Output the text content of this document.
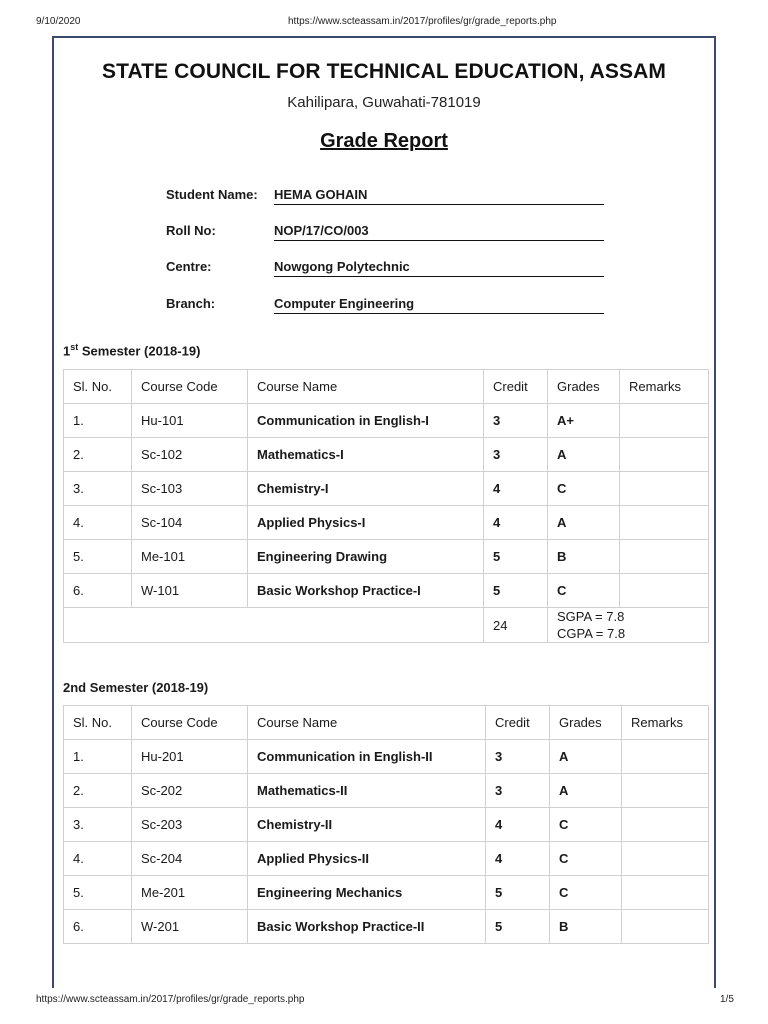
9/10/2020	https://www.scteassam.in/2017/profiles/gr/grade_reports.php
STATE COUNCIL FOR TECHNICAL EDUCATION, ASSAM
Kahilipara, Guwahati-781019
Grade Report
Student Name: HEMA GOHAIN
Roll No:	NOP/17/CO/003
Centre:	Nowgong Polytechnic
Branch:	Computer Engineering
1st Semester (2018-19)
Sl. No.	Course Code	Course Name	Credit	Grades	Remarks
1.	Hu-101	Communication in English-I	3	A+	
2.	Sc-102	Mathematics-I	3	A	
3.	Sc-103	Chemistry-I	4	C	
4.	Sc-104	Applied Physics-I	4	A	
5.	Me-101	Engineering Drawing	5	B	
6.	W-101	Basic Workshop Practice-I	5	C	
			24	SGPA = 7.8
CGPA = 7.8	
2nd Semester (2018-19)
Sl. No.	Course Code	Course Name	Credit	Grades	Remarks
1.	Hu-201	Communication in English-II	3	A	
2.	Sc-202	Mathematics-II	3	A	
3.	Sc-203	Chemistry-II	4	C	
4.	Sc-204	Applied Physics-II	4	C	
5.	Me-201	Engineering Mechanics	5	C	
6.	W-201	Basic Workshop Practice-II	5	B	
https://www.scteassam.in/2017/profiles/gr/grade_reports.php	1/5
